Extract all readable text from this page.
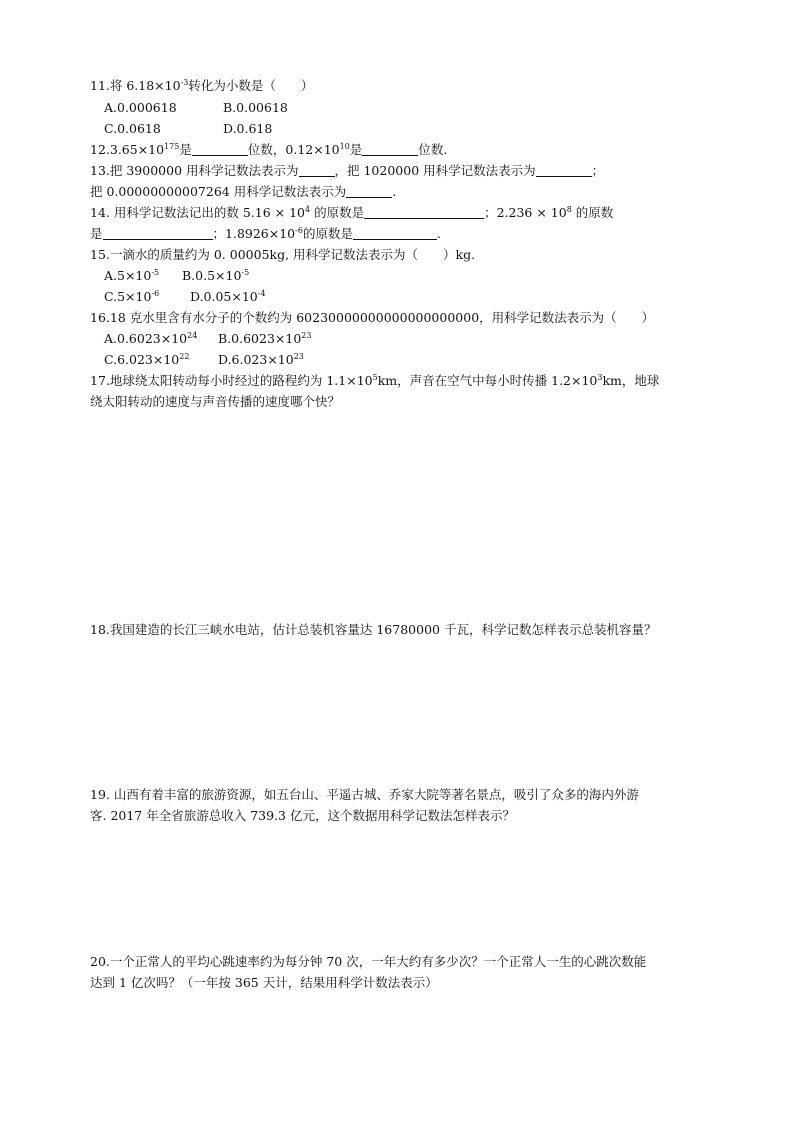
11.将 $6.18\times 10^{-3}$转化为小数是（　　）
A.0.000618	B.0.00618
C.0.0618	D.0.618
$12.3.65\times 10^{175}$是	位数，$0.12\times 10^{10}$是	位数.
13.把 3900000 用科学记数法表示为	，把 1020000 用科学记数法表示为	；
把 0.00000000007264 用科学记数法表示为	.
14. 用科学记数法记出的数 $5.16 \times 10^4$ 的原数是	；$2.236 \times 10^8$ 的原数
是	；$1.8926\times 10^{-6}$的原数是	.
15.一滴水的质量约为 0. 00005kg, 用科学记数法表示为（　　）kg.
$A.5\times 10^{-5}$ $B.0.5\times 10^{-5}$
$C.5\times 10^{-6}$ $D.0.05\times 10^{-4}$
16.18 克水里含有水分子的个数约为 60230000000000000000000，用科学记数法表示为（　　）
$A.0.6023\times 10^{24}$ $B.0.6023\times 10^{23}$
$C.6.023\times 10^{22}$ $D.6.023\times 10^{23}$
17.地球绕太阳转动每小时经过的路程约为 $1.1\times 10^5km$，声音在空气中每小时传播 $1.2\times 10^3km$，地球
绕太阳转动的速度与声音传播的速度哪个快？
18.我国建造的长江三峡水电站，估计总装机容量达 16780000 千瓦，科学记数怎样表示总装机容量？
19. 山西有着丰富的旅游资源，如五台山、平遥古城、乔家大院等著名景点，吸引了众多的海内外游
客. 2017 年全省旅游总收入 739.3 亿元，这个数据用科学记数法怎样表示？
20.一个正常人的平均心跳速率约为每分钟 70 次，一年大约有多少次？一个正常人一生的心跳次数能
达到 1 亿次吗？（一年按 365 天计，结果用科学计数法表示）
